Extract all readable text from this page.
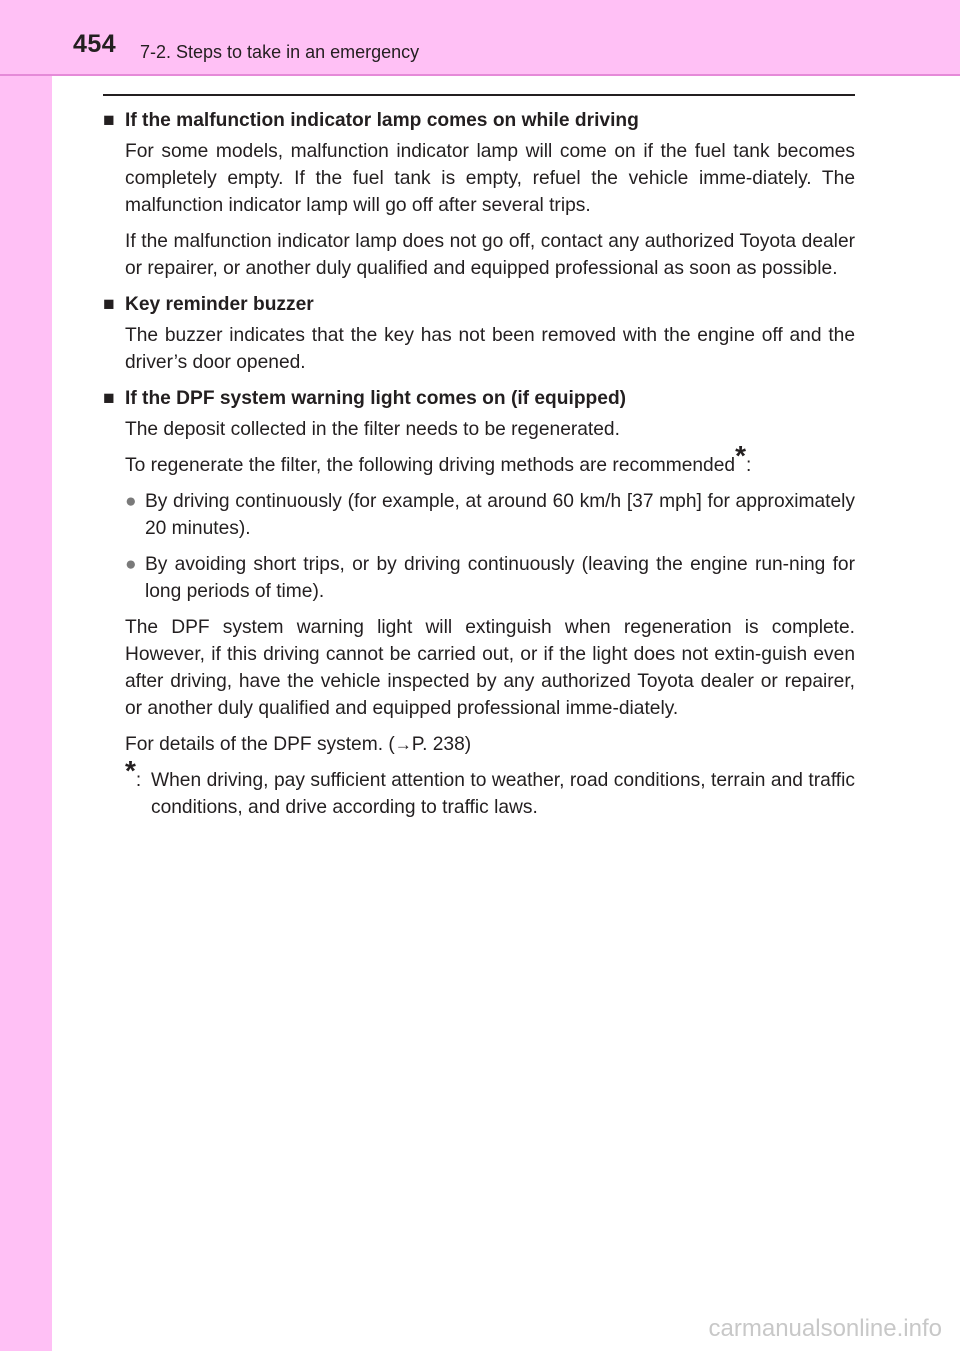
454 7-2. Steps to take in an emergency
■ If the malfunction indicator lamp comes on while driving
For some models, malfunction indicator lamp will come on if the fuel tank becomes completely empty. If the fuel tank is empty, refuel the vehicle imme-diately. The malfunction indicator lamp will go off after several trips.
If the malfunction indicator lamp does not go off, contact any authorized Toyota dealer or repairer, or another duly qualified and equipped professional as soon as possible.
■ Key reminder buzzer
The buzzer indicates that the key has not been removed with the engine off and the driver’s door opened.
■ If the DPF system warning light comes on (if equipped)
The deposit collected in the filter needs to be regenerated.
To regenerate the filter, the following driving methods are recommended*:
● By driving continuously (for example, at around 60 km/h [37 mph] for approximately 20 minutes).
● By avoiding short trips, or by driving continuously (leaving the engine run-ning for long periods of time).
The DPF system warning light will extinguish when regeneration is complete. However, if this driving cannot be carried out, or if the light does not extin-guish even after driving, have the vehicle inspected by any authorized Toyota dealer or repairer, or another duly qualified and equipped professional imme-diately.
For details of the DPF system. (→P. 238)
*: When driving, pay sufficient attention to weather, road conditions, terrain and traffic conditions, and drive according to traffic laws.
carmanualsonline.info
